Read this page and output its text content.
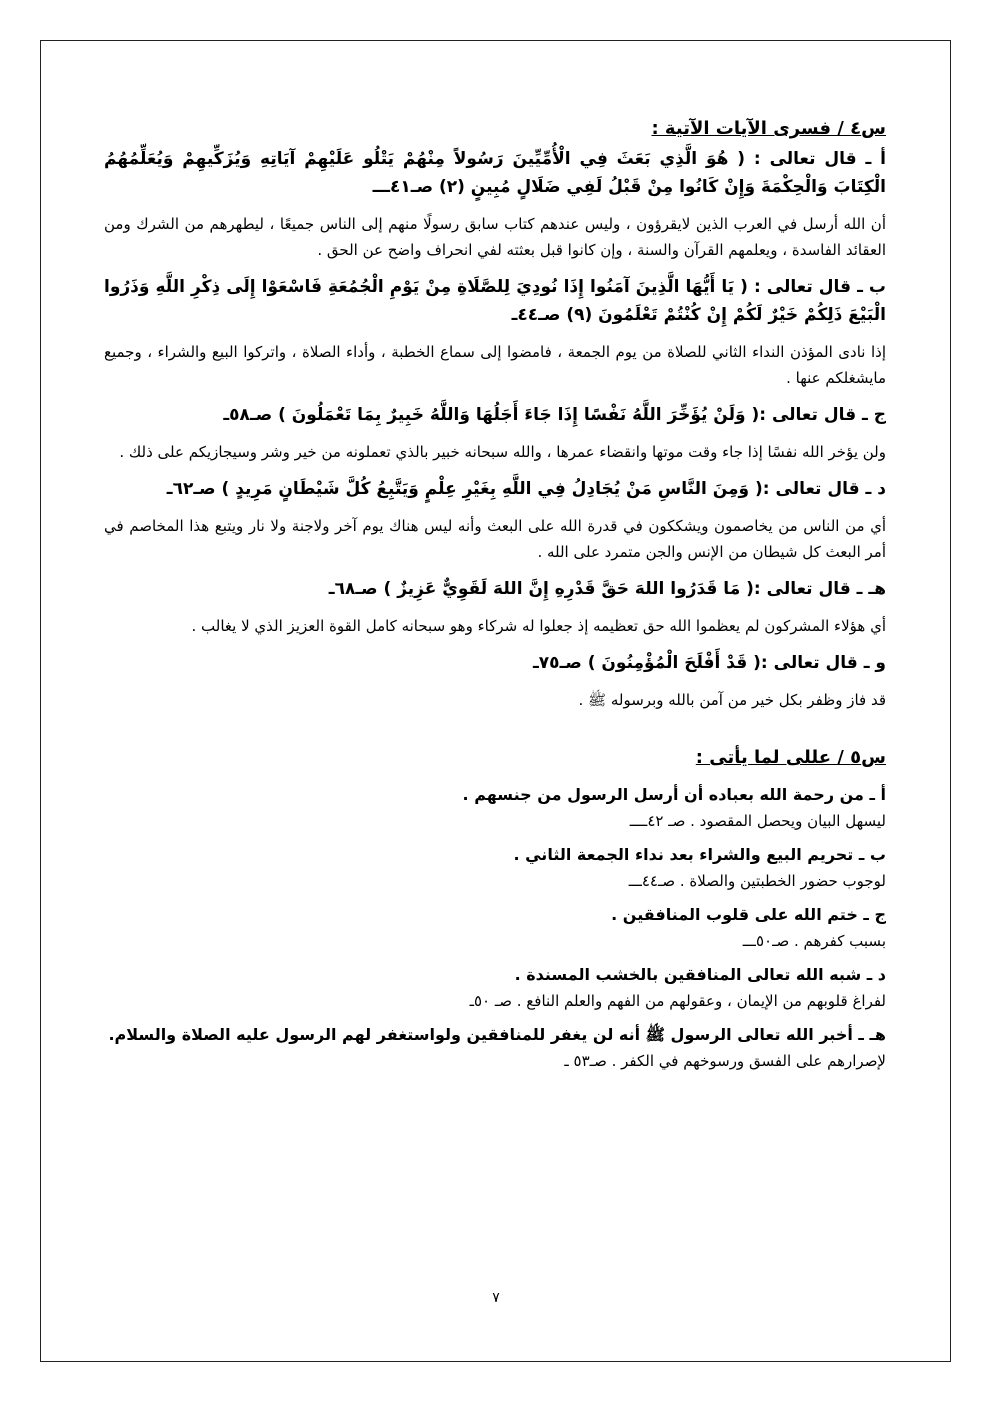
س٤ / فسرى الآيات الآتية :
أ ـ قال تعالى : ( هُوَ الَّذِي بَعَثَ فِي الْأُمِّيِّينَ رَسُولاً مِنْهُمْ يَتْلُو عَلَيْهِمْ آيَاتِهِ وَيُزَكِّيهِمْ وَيُعَلِّمُهُمُ الْكِتَابَ وَالْحِكْمَةَ وَإِنْ كَانُوا مِنْ قَبْلُ لَفِي ضَلَالٍ مُبِينٍ (٢) صـ٤١ـــ
أن الله أرسل في العرب الذين لايقرؤون ، وليس عندهم كتاب سابق رسولًا منهم إلى الناس جميعًا ، ليطهرهم من الشرك ومن العقائد الفاسدة ، ويعلمهم القرآن والسنة ، وإن كانوا قبل بعثته لفي انحراف واضح عن الحق .
ب ـ قال تعالى : ( يَا أَيُّهَا الَّذِينَ آمَنُوا إِذَا نُودِيَ لِلصَّلَاةِ مِنْ يَوْمِ الْجُمُعَةِ فَاسْعَوْا إِلَى ذِكْرِ اللَّهِ وَذَرُوا الْبَيْعَ ذَلِكُمْ خَيْرٌ لَكُمْ إِنْ كُنْتُمْ تَعْلَمُونَ (٩) صـ٤٤ـ
إذا نادى المؤذن النداء الثاني للصلاة من يوم الجمعة ، فامضوا إلى سماع الخطبة ، وأداء الصلاة ، واتركوا البيع والشراء ، وجميع مايشغلكم عنها .
ج ـ قال تعالى :( وَلَنْ يُؤَخِّرَ اللَّهُ نَفْسًا إِذَا جَاءَ أَجَلُهَا وَاللَّهُ خَبِيرٌ بِمَا تَعْمَلُونَ ) صـ٥٨ـ
ولن يؤخر الله نفسًا إذا جاء وقت موتها وانقضاء عمرها ، والله سبحانه خبير بالذي تعملونه من خير وشر وسيجازيكم على ذلك .
د ـ قال تعالى :( وَمِنَ النَّاسِ مَنْ يُجَادِلُ فِي اللَّهِ بِغَيْرِ عِلْمٍ وَيَتَّبِعُ كُلَّ شَيْطَانٍ مَرِيدٍ ) صـ٦٢ـ
أي من الناس من يخاصمون ويشككون في قدرة الله على البعث وأنه ليس هناك يوم آخر ولاجنة ولا نار ويتبع هذا المخاصم في أمر البعث كل شيطان من الإنس والجن متمرد على الله .
هـ ـ قال تعالى :( مَا قَدَرُوا اللهَ حَقَّ قَدْرِهِ إِنَّ اللهَ لَقَوِيٌّ عَزِيزٌ ) صـ٦٨ـ
أي هؤلاء المشركون لم يعظموا الله حق تعظيمه إذ جعلوا له شركاء وهو سبحانه كامل القوة العزيز الذي لا يغالب .
و ـ قال تعالى :( قَدْ أَفْلَحَ الْمُؤْمِنُونَ ) صـ٧٥ـ
قد فاز وظفر بكل خير من آمن بالله وبرسوله ﷺ .
س٥ / عللى لما يأتى :
أ ـ من رحمة الله بعباده أن أرسل الرسول من جنسهم .
ليسهل البيان ويحصل المقصود . صـ ٤٢ــــ
ب ـ تحريم البيع والشراء بعد نداء الجمعة الثاني .
لوجوب حضور الخطبتين والصلاة . صـ٤٤ـــ
ج ـ ختم الله على قلوب المنافقين .
بسبب كفرهم . صـ٥٠ـــ
د ـ شبه الله تعالى المنافقين بالخشب المسندة .
لفراغ قلوبهم من الإيمان ، وعقولهم من الفهم والعلم النافع . صـ ٥٠ـ
هـ ـ أخبر الله تعالى الرسول ﷺ أنه لن يغفر للمنافقين ولواستغفر لهم الرسول عليه الصلاة والسلام.
لإصرارهم على الفسق ورسوخهم في الكفر . صـ٥٣ ـ
٧
